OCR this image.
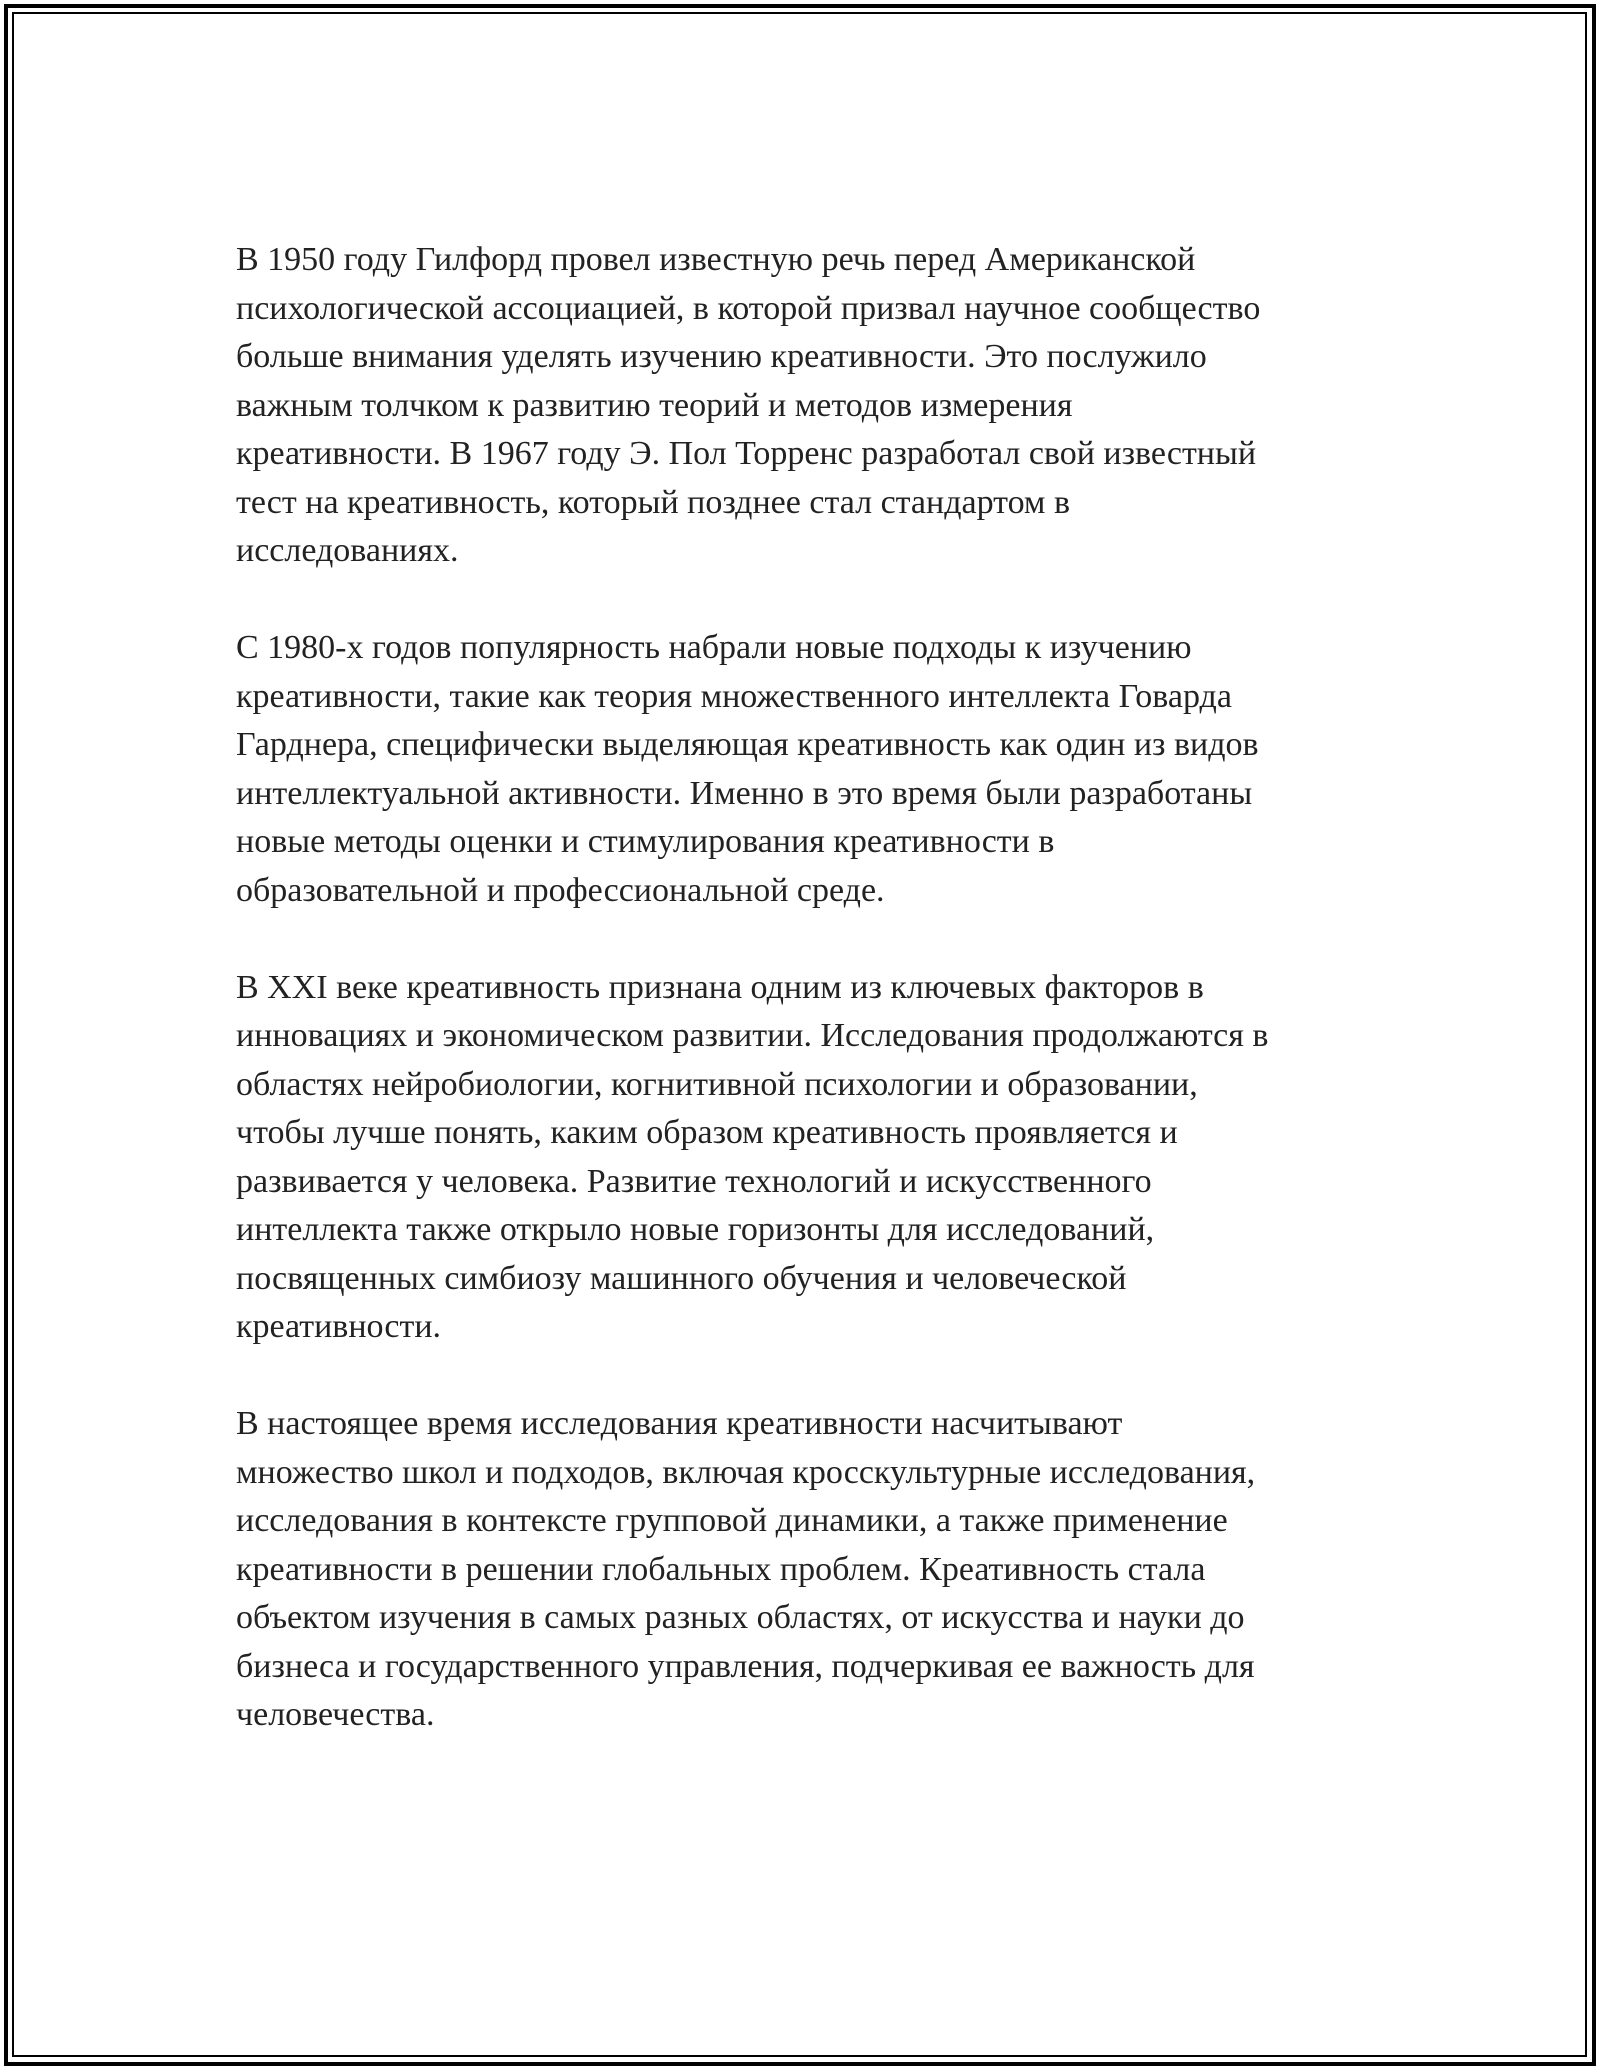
В 1950 году Гилфорд провел известную речь перед Американской
психологической ассоциацией, в которой призвал научное сообщество
больше внимания уделять изучению креативности. Это послужило
важным толчком к развитию теорий и методов измерения
креативности. В 1967 году Э. Пол Торренс разработал свой известный
тест на креативность, который позднее стал стандартом в
исследованиях.

С 1980-х годов популярность набрали новые подходы к изучению
креативности, такие как теория множественного интеллекта Говарда
Гарднера, специфически выделяющая креативность как один из видов
интеллектуальной активности. Именно в это время были разработаны
новые методы оценки и стимулирования креативности в
образовательной и профессиональной среде.

В XXI веке креативность признана одним из ключевых факторов в
инновациях и экономическом развитии. Исследования продолжаются в
областях нейробиологии, когнитивной психологии и образовании,
чтобы лучше понять, каким образом креативность проявляется и
развивается у человека. Развитие технологий и искусственного
интеллекта также открыло новые горизонты для исследований,
посвященных симбиозу машинного обучения и человеческой
креативности.

В настоящее время исследования креативности насчитывают
множество школ и подходов, включая кросскультурные исследования,
исследования в контексте групповой динамики, а также применение
креативности в решении глобальных проблем. Креативность стала
объектом изучения в самых разных областях, от искусства и науки до
бизнеса и государственного управления, подчеркивая ее важность для
человечества.
